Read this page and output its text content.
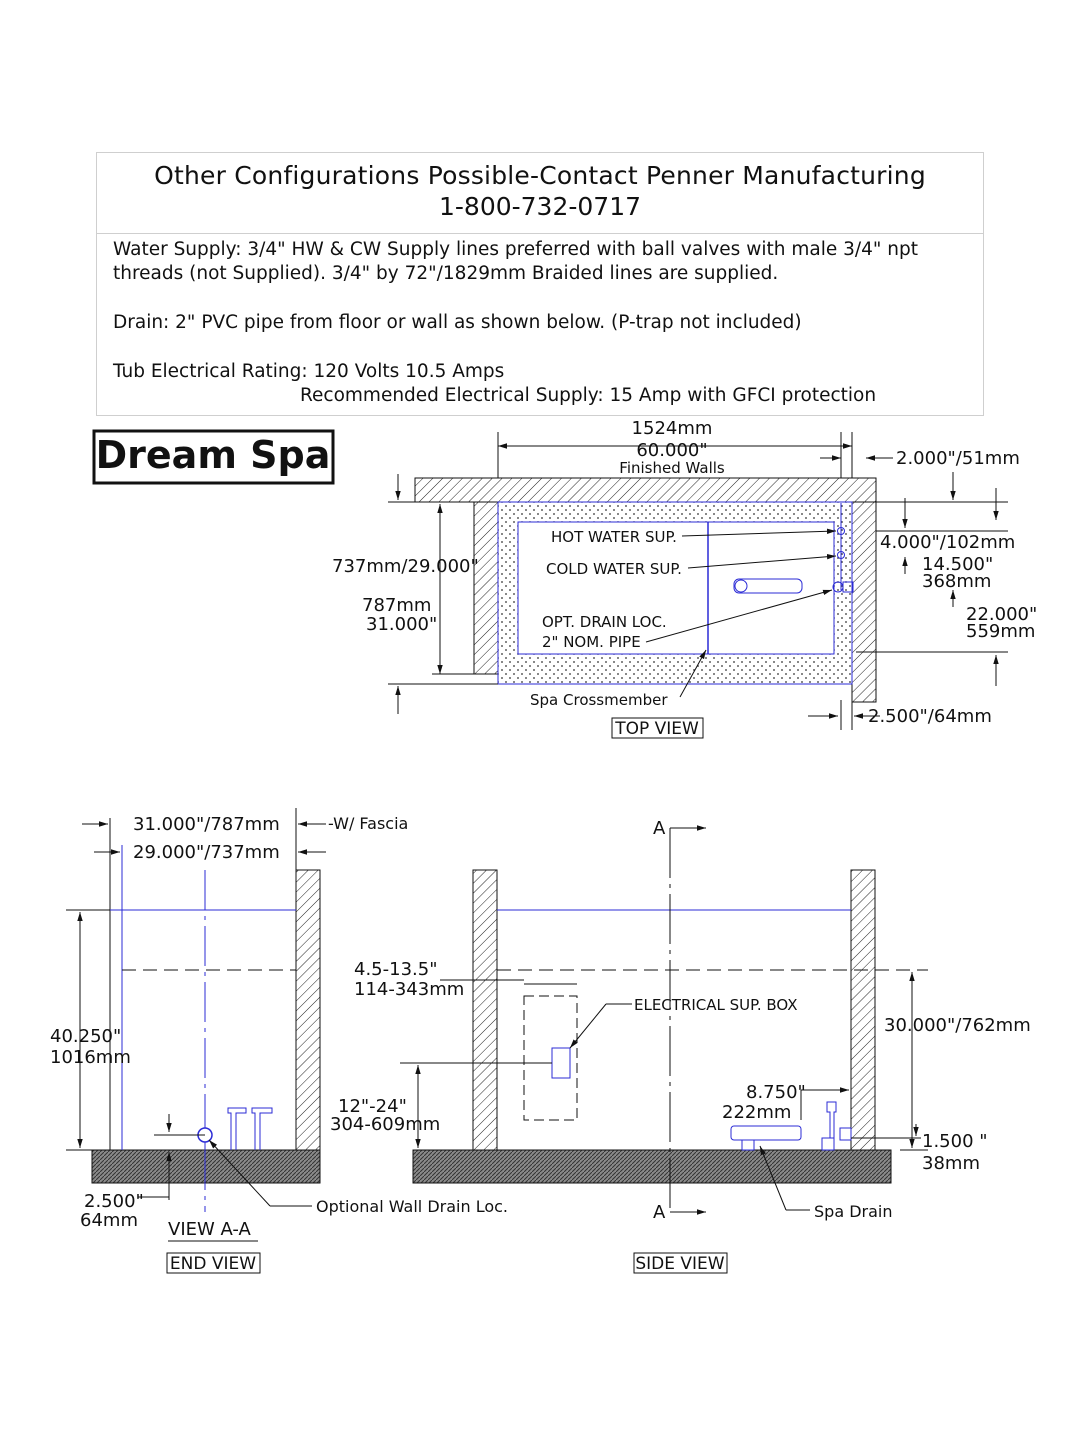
Other Configurations Possible-Contact Penner Manufacturing
1-800-732-0717

Water Supply: 3/4" HW & CW Supply lines preferred with ball valves with male 3/4" npt

threads (not Supplied). 3/4" by 72"/1829mm Braided lines are supplied.

Drain: 2" PVC pipe from floor or wall as shown below. (P-trap not included)

Tub Electrical Rating: 120 Volts 10.5 Amps

Recommended Electrical Supply: 15 Amp with GFCI protection

Dream Spa
1524mm
60.000"
Finished Walls	2.000"/51mm
4.000"/102mm
14.500"
368mm
22.000"
559mm
737mm/29.000"
787mm
31.000"
HOT WATER SUP.
COLD WATER SUP.
OPT. DRAIN LOC.
2" NOM. PIPE
Spa Crossmember
2.500"/64mm
TOP VIEW
40.250"
1016mm
31.000"/787mm	-W/ Fascia
29.000"/737mm
2.500"
64mm
Optional Wall Drain Loc.
VIEW A-A
END VIEW
A
A
ELECTRICAL SUP. BOX
4.5-13.5"
114-343mm
12"-24"
304-609mm
30.000"/762mm
8.750"
222mm
Spa Drain
1.500 "
38mm
SIDE VIEW
